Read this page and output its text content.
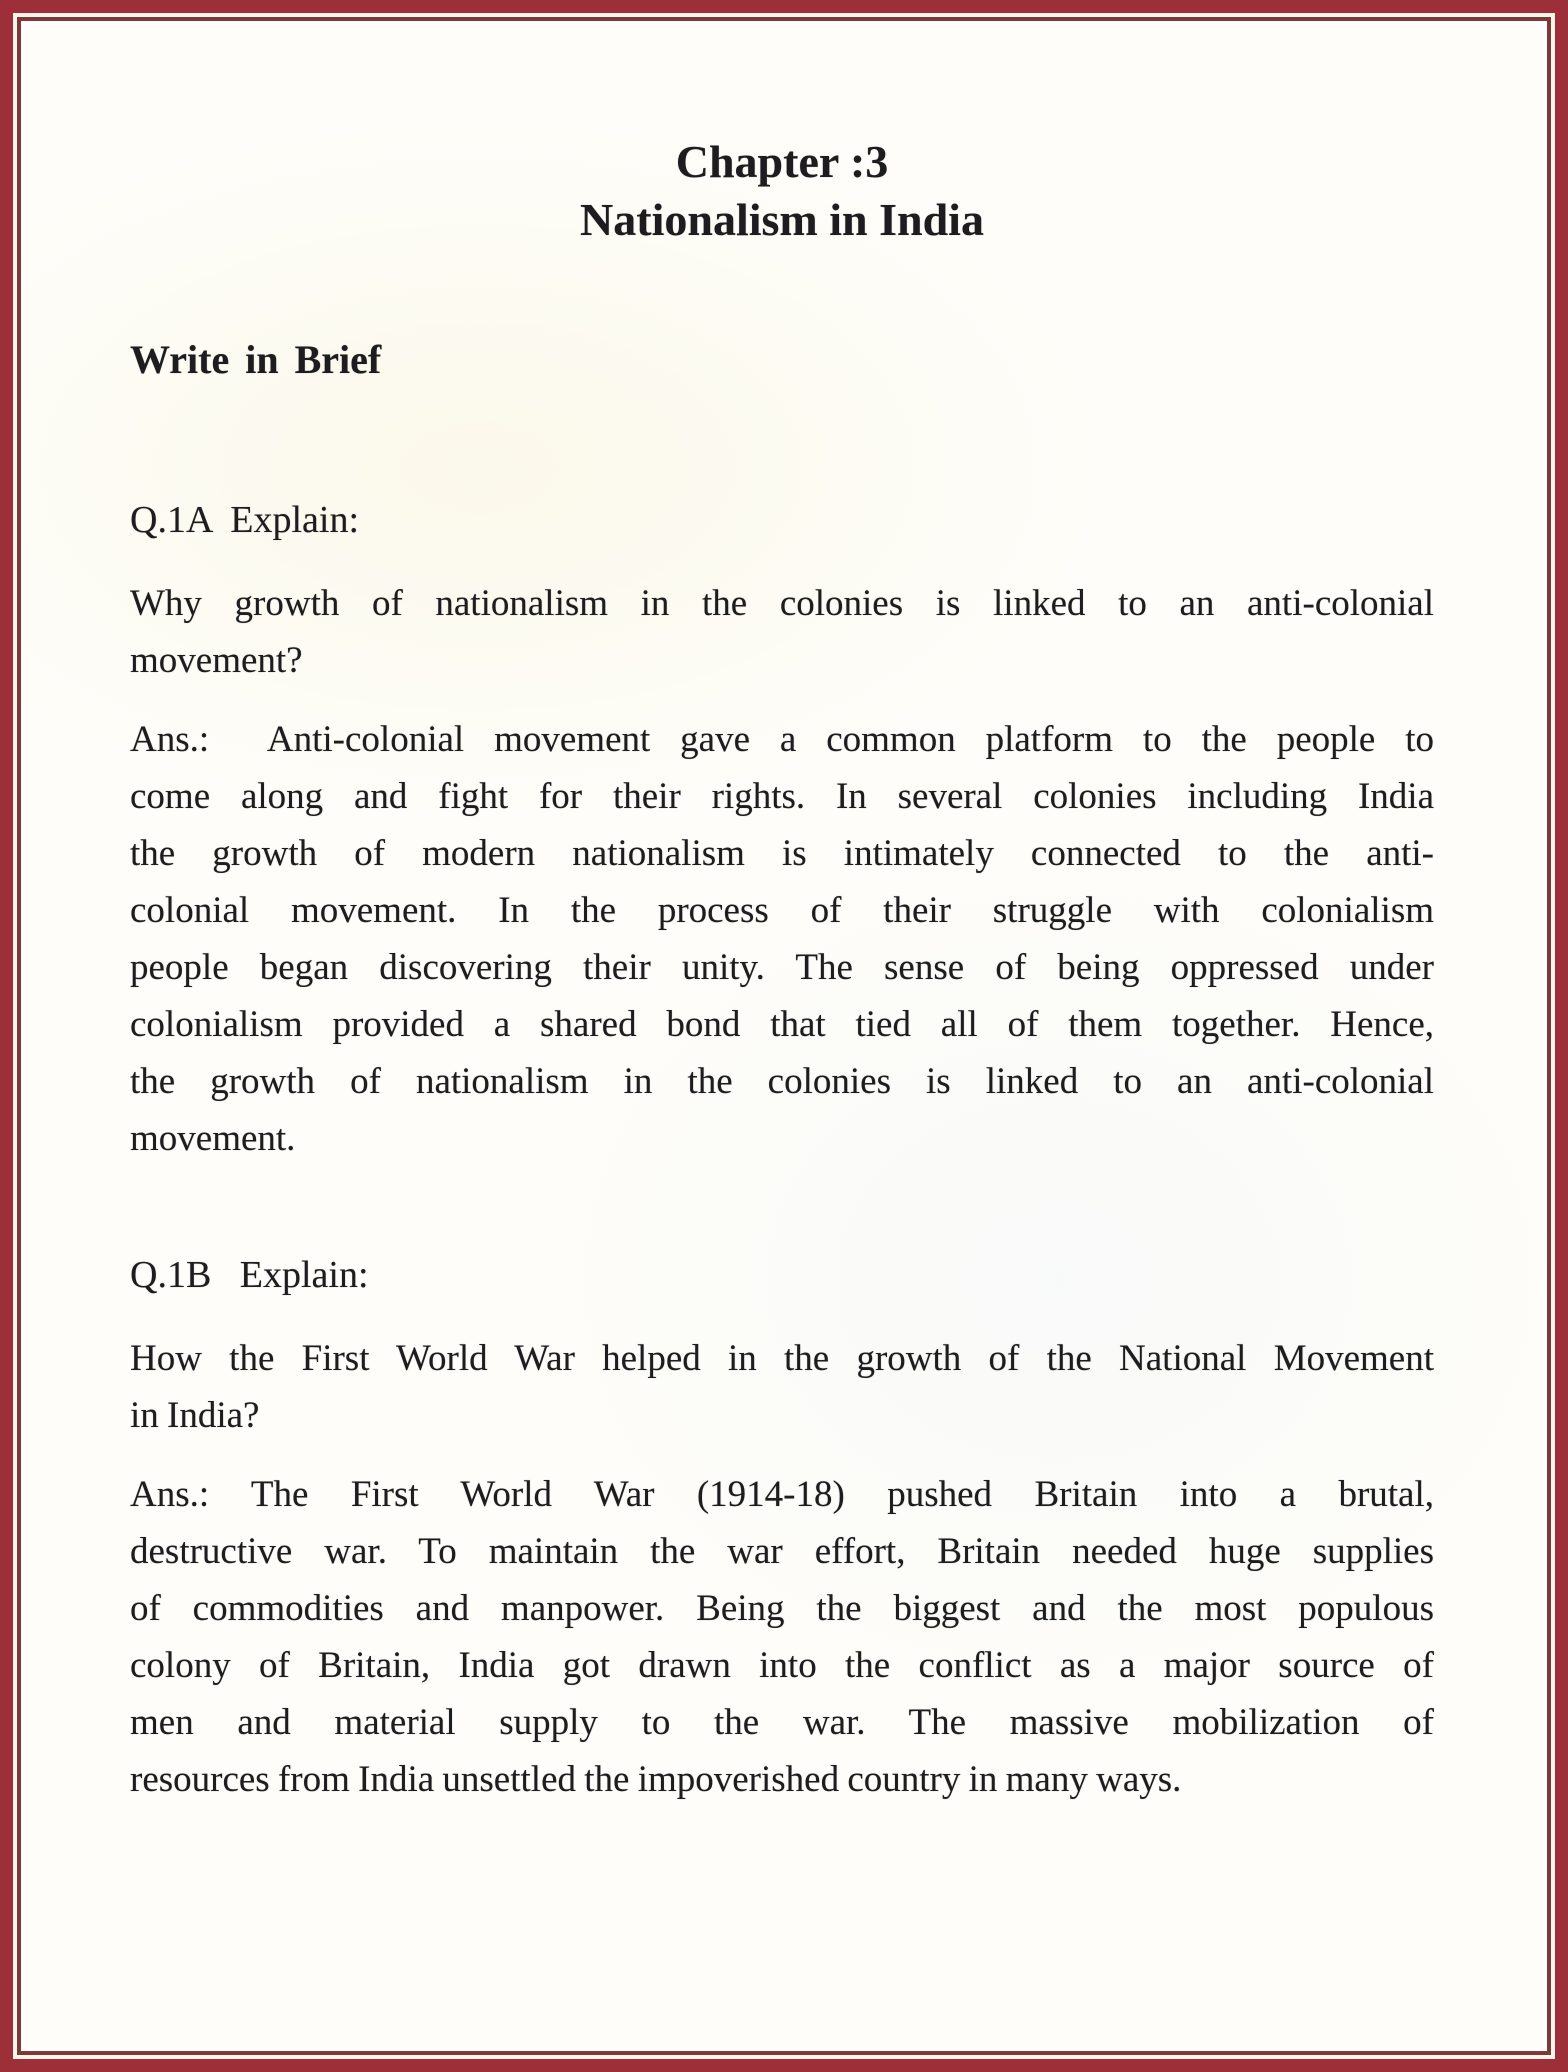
Chapter :3
Nationalism in India
Write in Brief
Q.1A  Explain:
Why growth of nationalism in the colonies is linked to an anti-colonial
movement?
Ans.:  Anti-colonial movement gave a common platform to the people to
come along and fight for their rights. In several colonies including India
the growth of modern nationalism is intimately connected to the anti-
colonial movement. In the process of their struggle with colonialism
people began discovering their unity. The sense of being oppressed under
colonialism provided a shared bond that tied all of them together. Hence,
the growth of nationalism in the colonies is linked to an anti-colonial
movement.
Q.1B   Explain:
How the First World War helped in the growth of the National Movement
in India?
Ans.: The First World War (1914-18) pushed Britain into a brutal,
destructive war. To maintain the war effort, Britain needed huge supplies
of commodities and manpower. Being the biggest and the most populous
colony of Britain, India got drawn into the conflict as a major source of
men and material supply to the war. The massive mobilization of
resources from India unsettled the impoverished country in many ways.
